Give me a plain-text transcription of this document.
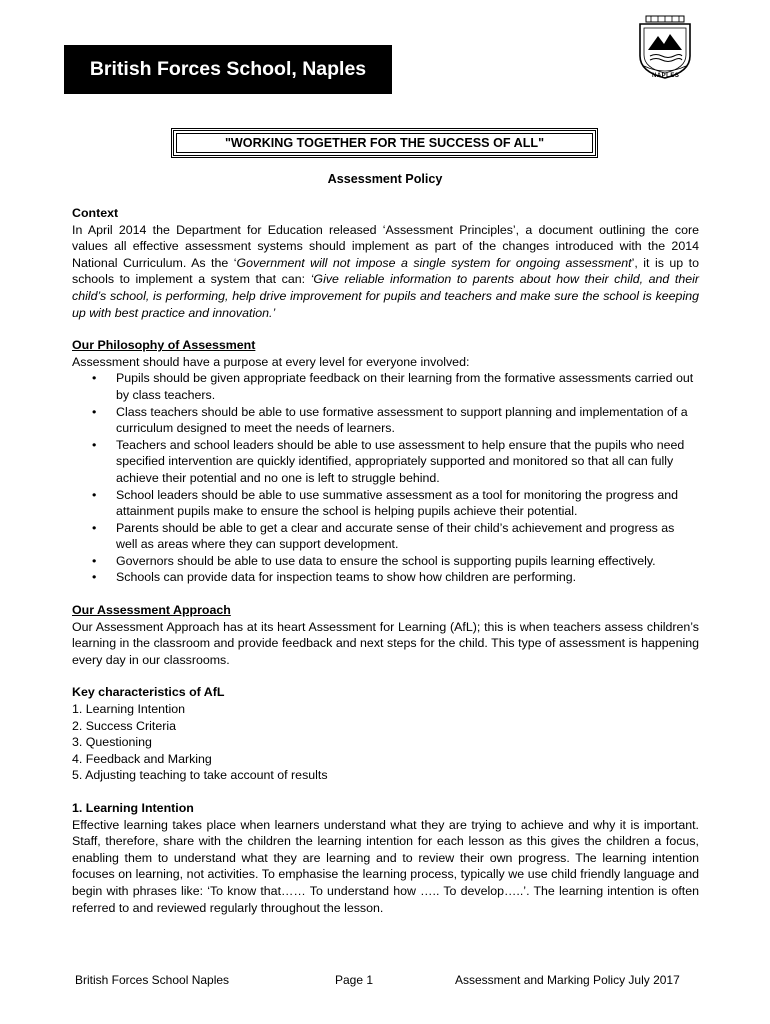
British Forces School, Naples	NAPLES
"WORKING TOGETHER FOR THE SUCCESS OF ALL"
Assessment Policy

Context

In April 2014 the Department for Education released ‘Assessment Principles’, a document outlining the core values all effective assessment systems should implement as part of the changes introduced with the 2014 National Curriculum. As the ‘Government will not impose a single system for ongoing assessment’, it is up to schools to implement a system that can: ‘Give reliable information to parents about how their child, and their child’s school, is performing, help drive improvement for pupils and teachers and make sure the school is keeping up with best practice and innovation.’

Our Philosophy of Assessment

Assessment should have a purpose at every level for everyone involved:

• Pupils should be given appropriate feedback on their learning from the formative assessments carried out by class teachers.
• Class teachers should be able to use formative assessment to support planning and implementation of a curriculum designed to meet the needs of learners.
• Teachers and school leaders should be able to use assessment to help ensure that the pupils who need specified intervention are quickly identified, appropriately supported and monitored so that all can fully achieve their potential and no one is left to struggle behind.
• School leaders should be able to use summative assessment as a tool for monitoring the progress and attainment pupils make to ensure the school is helping pupils achieve their potential.
• Parents should be able to get a clear and accurate sense of their child’s achievement and progress as well as areas where they can support development.
• Governors should be able to use data to ensure the school is supporting pupils learning effectively.
• Schools can provide data for inspection teams to show how children are performing.

Our Assessment Approach

Our Assessment Approach has at its heart Assessment for Learning (AfL); this is when teachers assess children’s learning in the classroom and provide feedback and next steps for the child. This type of assessment is happening every day in our classrooms.

Key characteristics of AfL

1. Learning Intention

2. Success Criteria

3. Questioning

4. Feedback and Marking

5. Adjusting teaching to take account of results

1. Learning Intention

Effective learning takes place when learners understand what they are trying to achieve and why it is important. Staff, therefore, share with the children the learning intention for each lesson as this gives the children a focus, enabling them to understand what they are learning and to review their own progress. The learning intention focuses on learning, not activities. To emphasise the learning process, typically we use child friendly language and begin with phrases like: ‘To know that…… To understand how ….. To develop…..’. The learning intention is often referred to and reviewed regularly throughout the lesson.

British Forces School Naples	Page 1	Assessment and Marking Policy July 2017
